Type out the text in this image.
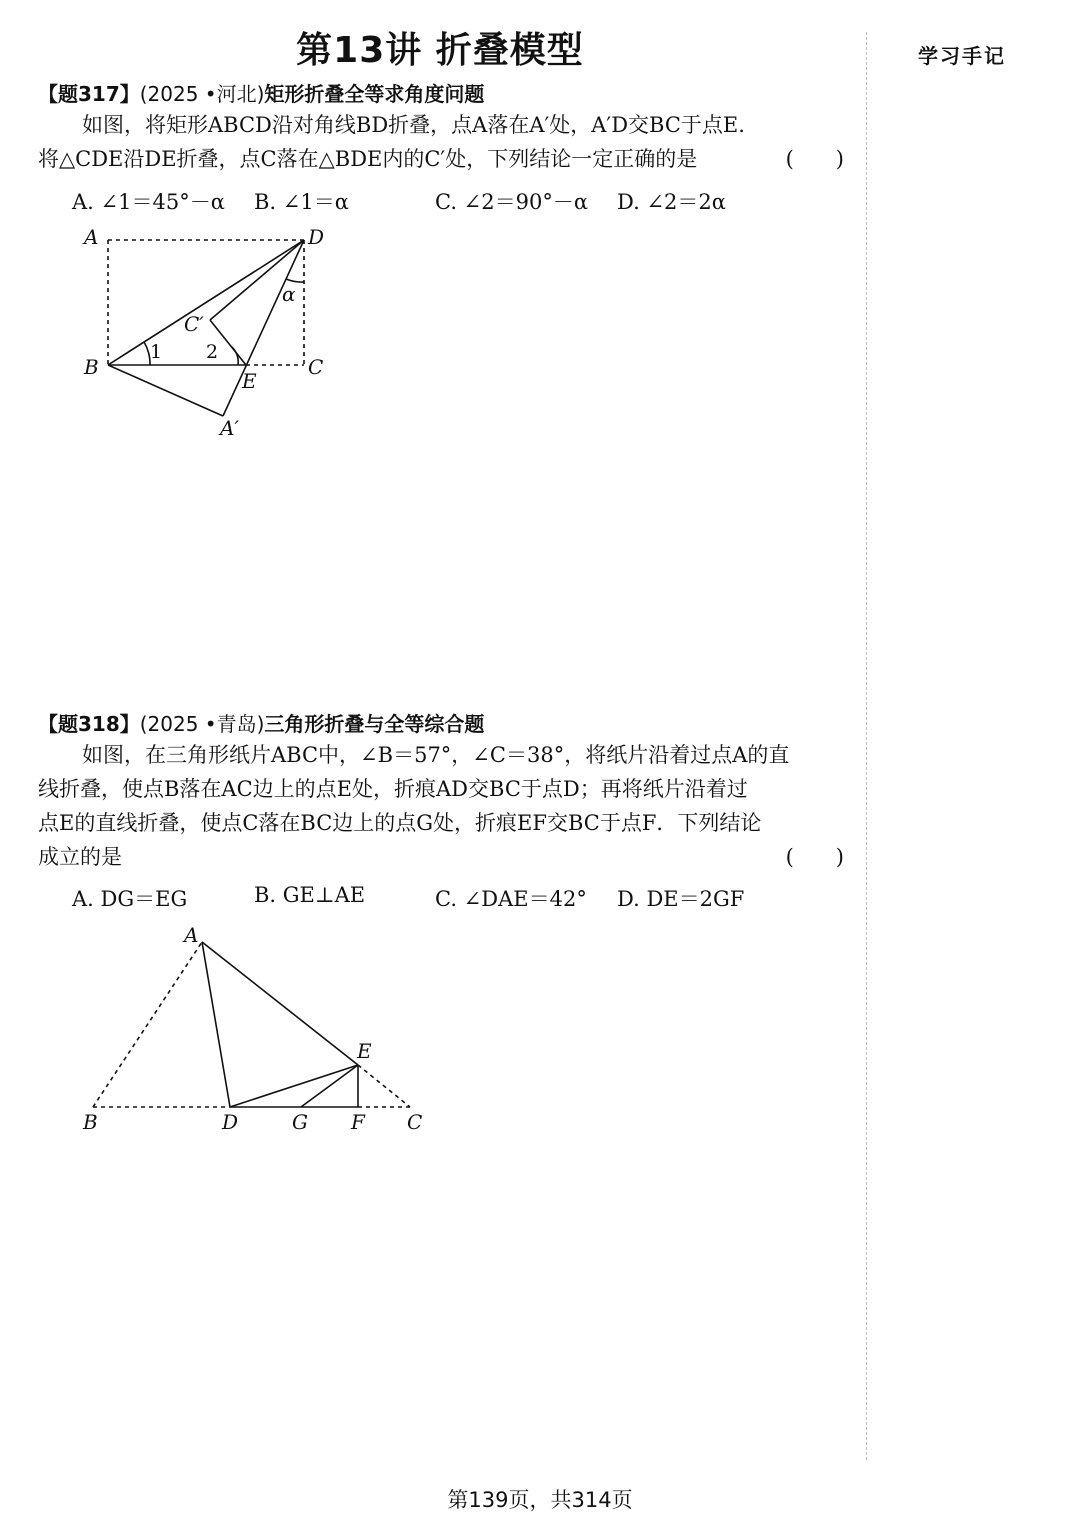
第13讲 折叠模型	学习手记
【题317】(2025 •河北)矩形折叠全等求角度问题
如图，将矩形ABCD沿对角线BD折叠，点A落在A′处，A′D交BC于点E.
将△CDE沿DE折叠，点C落在△BDE内的C′处，下列结论一定正确的是	(　　)
A. ∠1＝45°－α B. ∠1＝α	C. ∠2＝90°－α D. ∠2＝2α
A	D
B	C
E
A′
C′
1 2
α
【题318】(2025 •青岛)三角形折叠与全等综合题
如图，在三角形纸片ABC中，∠B＝57°，∠C＝38°，将纸片沿着过点A的直
线折叠，使点B落在AC边上的点E处，折痕AD交BC于点D；再将纸片沿着过
点E的直线折叠，使点C落在BC边上的点G处，折痕EF交BC于点F．下列结论
成立的是	(　　)
A. DG＝EG	B. GE⊥AE	C. ∠DAE＝42° D. DE＝2GF
A
E
B	D	G F C
第139页，共314页
